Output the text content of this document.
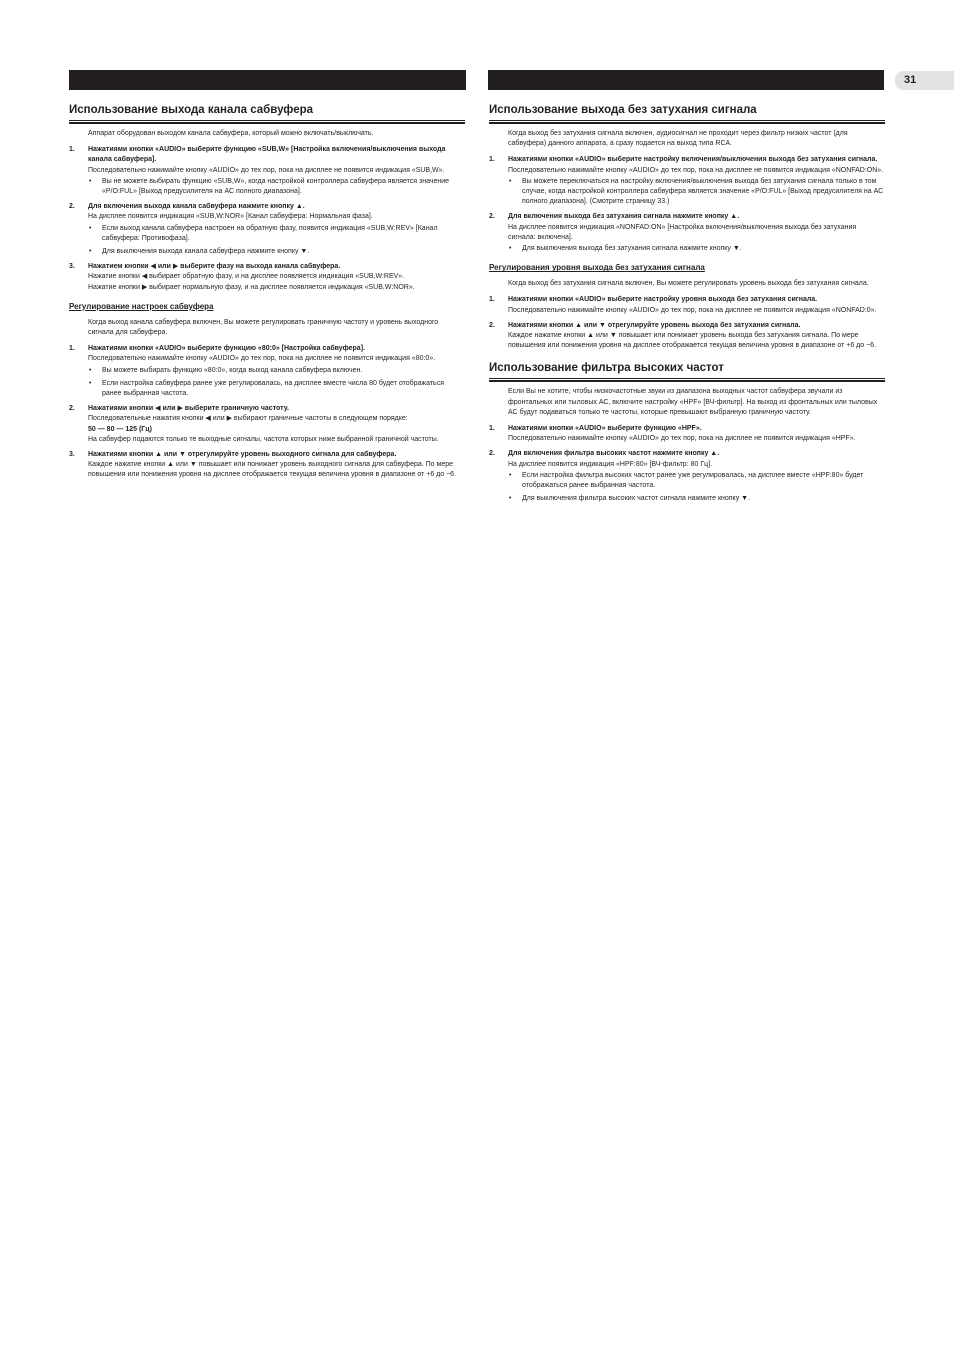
31
Использование выхода канала сабвуфера
Аппарат оборудован выходом канала сабвуфера, который можно включать/выключать.
1. Нажатиями кнопки «AUDIO» выберите функцию «SUB,W» [Настройка включения/выключения выхода канала сабвуфера].
Последовательно нажимайте кнопку «AUDIO» до тех пор, пока на дисплее не появится индикация «SUB,W».
• Вы не можете выбирать функцию «SUB,W», когда настройкой контроллера сабвуфера является значение «P/O:FUL» [Выход предусилителя на АС полного диапазона].
2. Для включения выхода канала сабвуфера нажмите кнопку ▲.
На дисплее появится индикация «SUB,W:NOR» [Канал сабвуфера: Нормальная фаза].
• Если выход канала сабвуфера настроен на обратную фазу, появится индикация «SUB,W:REV» [Канал сабвуфера: Противофаза].
• Для выключения выхода канала сабвуфера нажмите кнопку ▼.
3. Нажатием кнопки ◀ или ▶ выберите фазу на выхода канала сабвуфера.
Нажатие кнопки ◀ выбирает обратную фазу, и на дисплее появляется индикация «SUB,W:REV».
Нажатие кнопки ▶ выбирает нормальную фазу, и на дисплее появляется индикация «SUB,W:NOR».
Регулирование настроек сабвуфера
Когда выход канала сабвуфера включен, Вы можете регулировать граничную частоту и уровень выходного сигнала для сабвуфера.
1. Нажатиями кнопки «AUDIO» выберите функцию «80:0» [Настройка сабвуфера].
Последовательно нажимайте кнопку «AUDIO» до тех пор, пока на дисплее не появится индикация «80:0».
• Вы можете выбирать функцию «80:0», когда выход канала сабвуфера включен.
• Если настройка сабвуфера ранее уже регулировалась, на дисплее вместе числа 80 будет отображаться ранее выбранная частота.
2. Нажатиями кнопки ◀ или ▶ выберите граничную частоту.
Последовательные нажатия кнопки ◀ или ▶ выбирают граничные частоты в следующем порядке:
50 — 80 — 125 (Гц)
На сабвуфер подаются только те выходные сигналы, частота которых ниже выбранной граничной частоты.
3. Нажатиями кнопки ▲ или ▼ отрегулируйте уровень выходного сигнала для сабвуфера.
Каждое нажатие кнопки ▲ или ▼ повышает или понижает уровень выходного сигнала для сабвуфера. По мере повышения или понижения уровня на дисплее отображается текущая величина уровня в диапазоне от +6 до −6.
Использование выхода без затухания сигнала
Когда выход без затухания сигнала включен, аудиосигнал не проходит через фильтр низких частот (для сабвуфера) данного аппарата, а сразу подается на выход типа RCA.
1. Нажатиями кнопки «AUDIO» выберите настройку включения/выключения выхода без затухания сигнала.
Последовательно нажимайте кнопку «AUDIO» до тех пор, пока на дисплее не появится индикация «NONFAD:ON».
• Вы можете переключаться на настройку включения/выключения выхода без затухания сигнала только в том случае, когда настройкой контроллера сабвуфера является значение «P/O:FUL» [Выход предусилителя на АС полного диапазона]. (Смотрите страницу 33.)
2. Для включения выхода без затухания сигнала нажмите кнопку ▲.
На дисплее появится индикация «NONFAD:ON» [Настройка включения/выключения выхода без затухания сигнала: включена].
• Для выключения выхода без затухания сигнала нажмите кнопку ▼.
Регулирования уровня выхода без затухания сигнала
Когда выход без затухания сигнала включен, Вы можете регулировать уровень выхода без затухания сигнала.
1. Нажатиями кнопки «AUDIO» выберите настройку уровня выхода без затухания сигнала.
Последовательно нажимайте кнопку «AUDIO» до тех пор, пока на дисплее не появится индикация «NONFAD:0».
2. Нажатиями кнопки ▲ или ▼ отрегулируйте уровень выхода без затухания сигнала.
Каждое нажатие кнопки ▲ или ▼ повышает или понижает уровень выхода без затухания сигнала. По мере повышения или понижения уровня на дисплее отображается текущая величина уровня в диапазоне от +6 до −6.
Использование фильтра высоких частот
Если Вы не хотите, чтобы низкочастотные звуки из диапазона выходных частот сабвуфера звучали из фронтальных или тыловых АС, включите настройку «HPF» [ВЧ-фильтр]. На выход из фронтальных или тыловых АС будут подаваться только те частоты, которые превышают выбранную граничную частоту.
1. Нажатиями кнопки «AUDIO» выберите функцию «HPF».
Последовательно нажимайте кнопку «AUDIO» до тех пор, пока на дисплее не появится индикация «HPF».
2. Для включения фильтра высоких частот нажмите кнопку ▲.
На дисплее появится индикация «HPF:80» [ВЧ-фильтр: 80 Гц].
• Если настройка фильтра высоких частот ранее уже регулировалась, на дисплее вместе «HPF:80» будет отображаться ранее выбранная частота.
• Для выключения фильтра высоких частот сигнала нажмите кнопку ▼.
